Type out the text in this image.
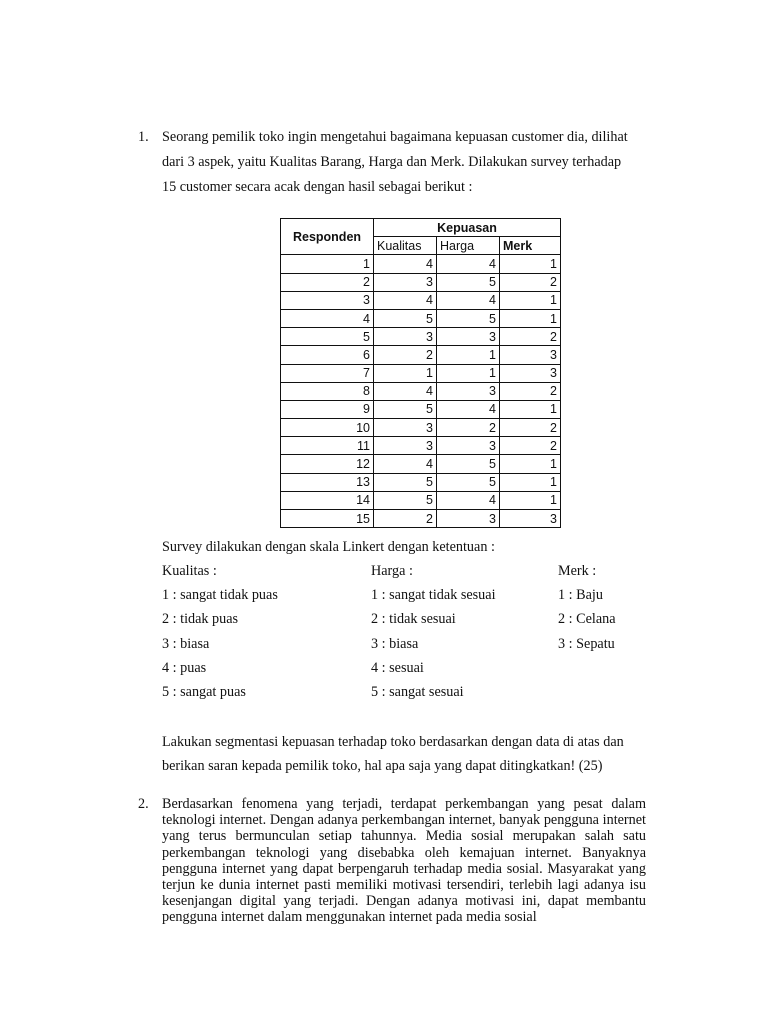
1. Seorang pemilik toko ingin mengetahui bagaimana kepuasan customer dia, dilihat
dari 3 aspek, yaitu Kualitas Barang, Harga dan Merk. Dilakukan survey terhadap
15 customer secara acak dengan hasil sebagai berikut :
Responden	Kepuasan		
	Kualitas	Harga	Merk
1	4	4	1
2	3	5	2
3	4	4	1
4	5	5	1
5	3	3	2
6	2	1	3
7	1	1	3
8	4	3	2
9	5	4	1
10	3	2	2
11	3	3	2
12	4	5	1
13	5	5	1
14	5	4	1
15	2	3	3
Survey dilakukan dengan skala Linkert dengan ketentuan :
Kualitas :
1 : sangat tidak puas
2 : tidak puas
3 : biasa
4 : puas
5 : sangat puas
Harga :
1 : sangat tidak sesuai
2 : tidak sesuai
3 : biasa
4 : sesuai
5 : sangat sesuai
Merk :
1 : Baju
2 : Celana
3 : Sepatu
Lakukan segmentasi kepuasan terhadap toko berdasarkan dengan data di atas dan
berikan saran kepada pemilik toko, hal apa saja yang dapat ditingkatkan! (25)
2. Berdasarkan fenomena yang terjadi, terdapat perkembangan yang pesat dalam teknologi internet. Dengan adanya perkembangan internet, banyak pengguna internet yang terus bermunculan setiap tahunnya. Media sosial merupakan salah satu perkembangan teknologi yang disebabka oleh kemajuan internet. Banyaknya pengguna internet yang dapat berpengaruh terhadap media sosial. Masyarakat yang terjun ke dunia internet pasti memiliki motivasi tersendiri, terlebih lagi adanya isu kesenjangan digital yang terjadi. Dengan adanya motivasi ini, dapat membantu pengguna internet dalam menggunakan internet pada media sosial
